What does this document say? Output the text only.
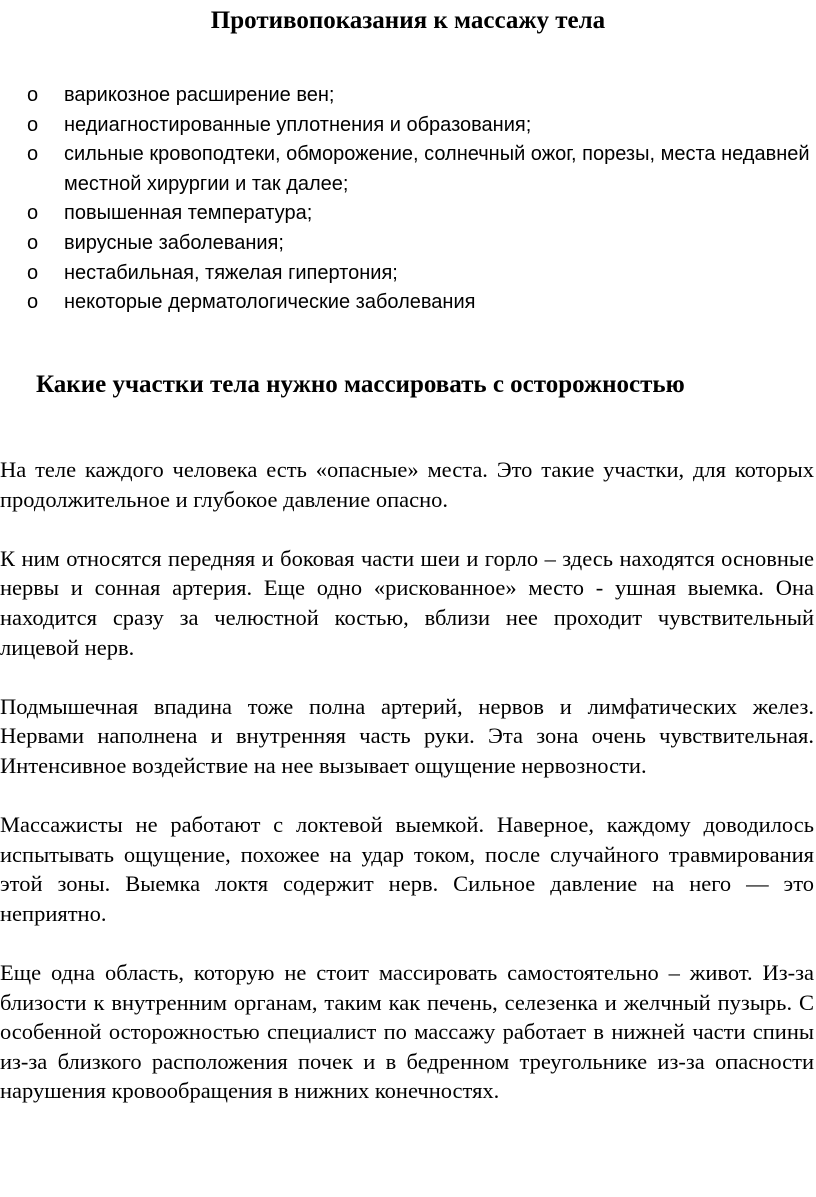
Противопоказания к массажу тела
o варикозное расширение вен;
o недиагностированные уплотнения и образования;
o сильные кровоподтеки, обморожение, солнечный ожог, порезы, места недавней местной хирургии и так далее;
o повышенная температура;
o вирусные заболевания;
o нестабильная, тяжелая гипертония;
o некоторые дерматологические заболевания
Какие участки тела нужно массировать с осторожностью

На теле каждого человека есть «опасные» места. Это такие участки, для которых продолжительное и глубокое давление опасно.

К ним относятся передняя и боковая части шеи и горло – здесь находятся основные нервы и сонная артерия. Еще одно «рискованное» место - ушная выемка. Она находится сразу за челюстной костью, вблизи нее проходит чувствительный лицевой нерв.

Подмышечная впадина тоже полна артерий, нервов и лимфатических желез. Нервами наполнена и внутренняя часть руки. Эта зона очень чувствительная. Интенсивное воздействие на нее вызывает ощущение нервозности.

Массажисты не работают с локтевой выемкой. Наверное, каждому доводилось испытывать ощущение, похожее на удар током, после случайного травмирования этой зоны. Выемка локтя содержит нерв. Сильное давление на него — это неприятно.

Еще одна область, которую не стоит массировать самостоятельно – живот. Из-за близости к внутренним органам, таким как печень, селезенка и желчный пузырь. С особенной осторожностью специалист по массажу работает в нижней части спины из-за близкого расположения почек и в бедренном треугольнике из-за опасности нарушения кровообращения в нижних конечностях.
